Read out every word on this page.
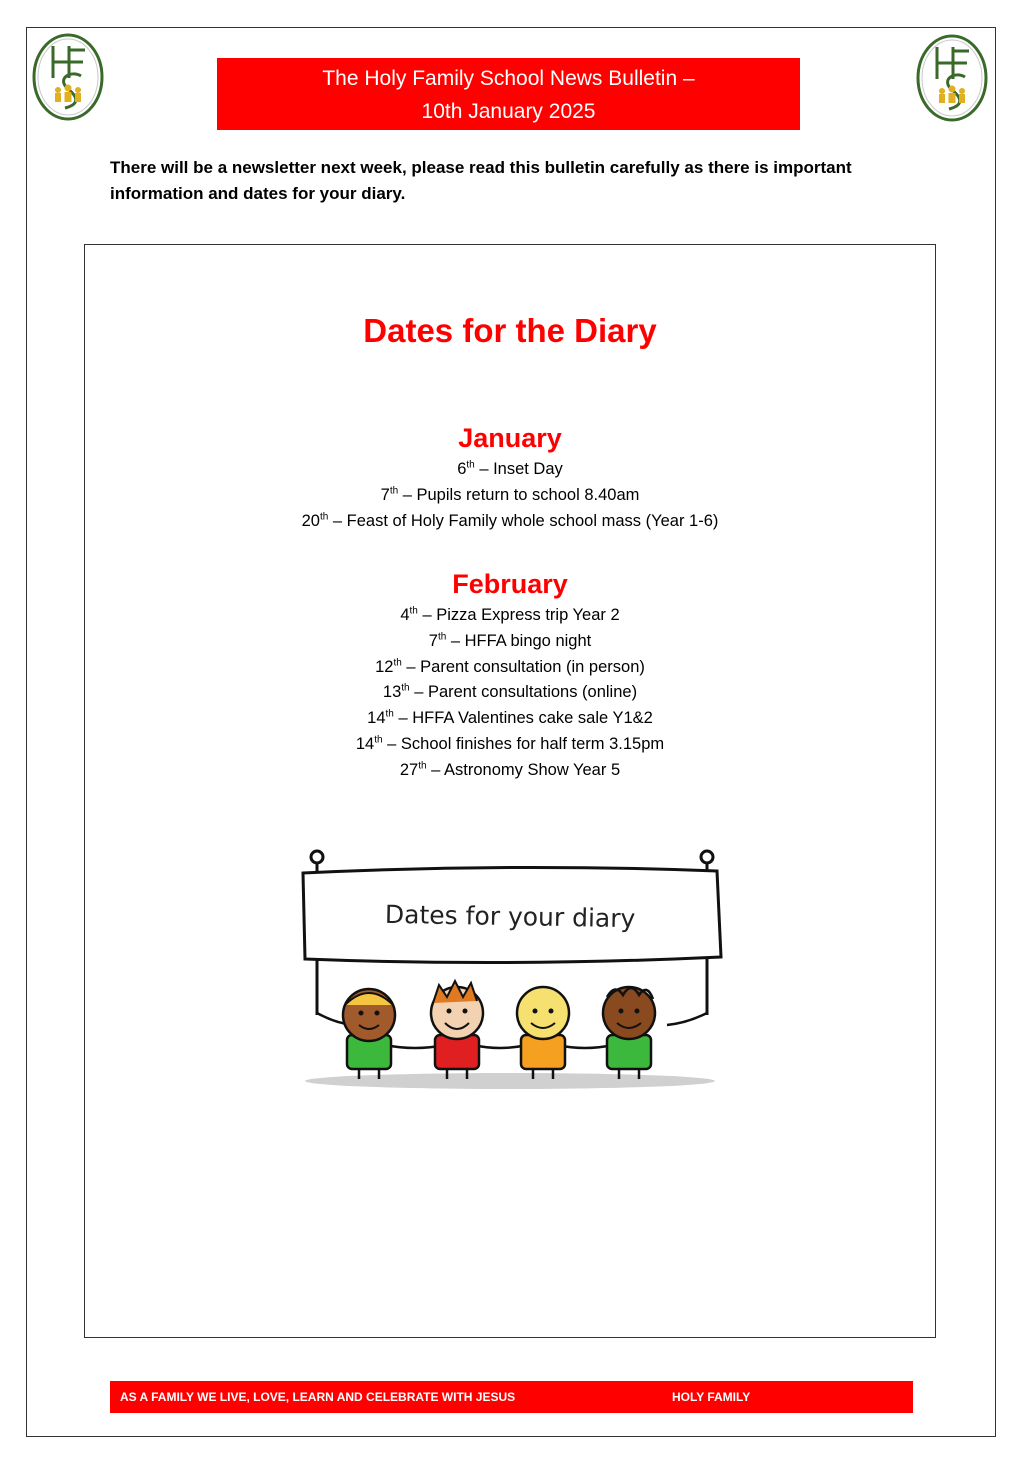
The Holy Family School News Bulletin –
10th January 2025
There will be a newsletter next week, please read this bulletin carefully as there is important information and dates for your diary.
Dates for the Diary
January
6th – Inset Day
7th – Pupils return to school 8.40am
20th – Feast of Holy Family whole school mass (Year 1-6)
February
4th – Pizza Express trip Year 2
7th – HFFA bingo night
12th – Parent consultation (in person)
13th – Parent consultations (online)
14th – HFFA Valentines cake sale Y1&2
14th – School finishes for half term 3.15pm
27th – Astronomy Show Year 5
Dates for your diary
AS A FAMILY WE LIVE, LOVE, LEARN AND CELEBRATE WITH JESUS	HOLY FAMILY
